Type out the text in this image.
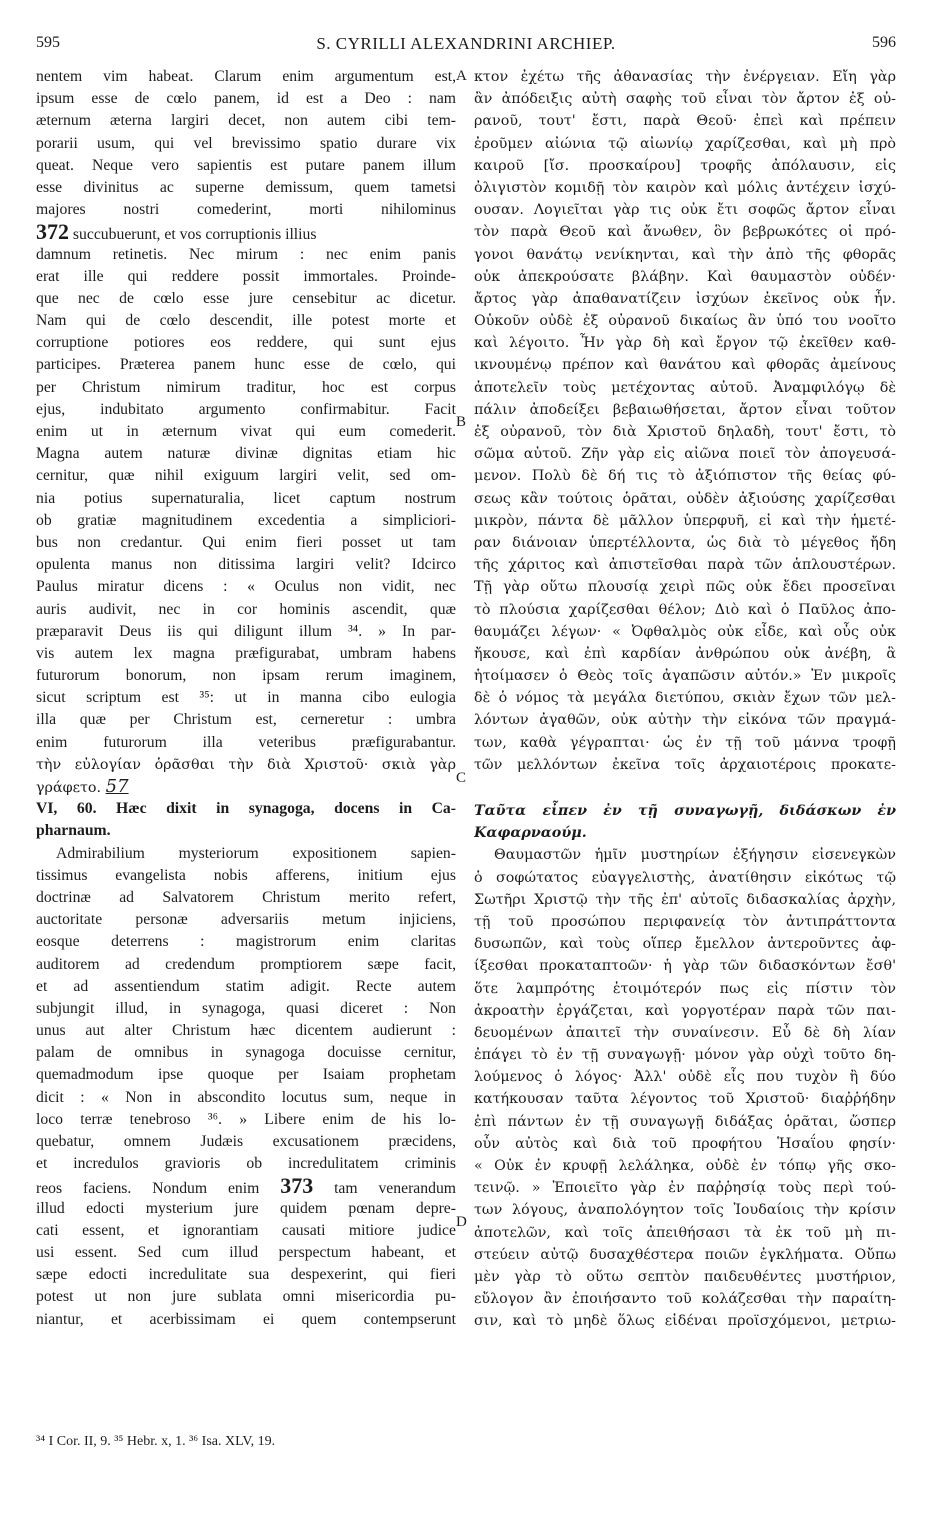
595	S. CYRILLI ALEXANDRINI ARCHIEP.	596
nentem vim habeat. Clarum enim argumentum est,
ipsum esse de cœlo panem, id est a Deo : nam
æternum æterna largiri decet, non autem cibi tem-
porarii usum, qui vel brevissimo spatio durare vix
queat. Neque vero sapientis est putare panem illum
esse divinitus ac superne demissum, quem tametsi
majores nostri comederint, morti nihilominus
372 succubuerunt, et vos corruptionis illius
damnum retinetis. Nec mirum : nec enim panis
erat ille qui reddere possit immortales. Proinde-
que nec de cœlo esse jure censebitur ac dicetur.
Nam qui de cœlo descendit, ille potest morte et
corruptione potiores eos reddere, qui sunt ejus
participes. Præterea panem hunc esse de cœlo, qui
per Christum nimirum traditur, hoc est corpus
ejus, indubitato argumento confirmabitur. Facit
enim ut in æternum vivat qui eum comederit.
Magna autem naturæ divinæ dignitas etiam hic
cernitur, quæ nihil exiguum largiri velit, sed om-
nia potius supernaturalia, licet captum nostrum
ob gratiæ magnitudinem excedentia a simpliciori-
bus non credantur. Qui enim fieri posset ut tam
opulenta manus non ditissima largiri velit? Idcirco
Paulus miratur dicens : « Oculus non vidit, nec
auris audivit, nec in cor hominis ascendit, quæ
præparavit Deus iis qui diligunt illum ³⁴. » In par-
vis autem lex magna præfigurabat, umbram habens
futurorum bonorum, non ipsam rerum imaginem,
sicut scriptum est ³⁵: ut in manna cibo eulogia
illa quæ per Christum est, cerneretur : umbra
enim futurorum illa veteribus præfigurabantur.
τὴν εὐλογίαν ὁρᾶσθαι τὴν διὰ Χριστοῦ· σκιὰ γὰρ
γράφετο. 57
VI, 60. Hæc dixit in synagoga, docens in Ca-
pharnaum.
Admirabilium mysteriorum expositionem sapien-
tissimus evangelista nobis afferens, initium ejus
doctrinæ ad Salvatorem Christum merito refert,
auctoritate personæ adversariis metum injiciens,
eosque deterrens : magistrorum enim claritas
auditorem ad credendum promptiorem sæpe facit,
et ad assentiendum statim adigit. Recte autem
subjungit illud, in synagoga, quasi diceret : Non
unus aut alter Christum hæc dicentem audierunt :
palam de omnibus in synagoga docuisse cernitur,
quemadmodum ipse quoque per Isaiam prophetam
dicit : « Non in abscondito locutus sum, neque in
loco terræ tenebroso ³⁶. » Libere enim de his lo-
quebatur, omnem Judæis excusationem præcidens,
et incredulos gravioris ob incredulitatem criminis
reos faciens. Nondum enim 373 tam venerandum
illud edocti mysterium jure quidem pœnam depre-
cati essent, et ignorantiam causati mitiore judice
usi essent. Sed cum illud perspectum habeant, et
sæpe edocti incredulitate sua despexerint, qui fieri
potest ut non jure sublata omni misericordia pu-
niantur, et acerbissimam ei quem contempserunt
κτον ἐχέτω τῆς ἀθανασίας τὴν ἐνέργειαν. Εἴη γὰρ
ἂν ἀπόδειξις αὐτὴ σαφὴς τοῦ εἶναι τὸν ἄρτον ἐξ οὐ-
ρανοῦ, τουτ' ἔστι, παρὰ Θεοῦ· ἐπεὶ καὶ πρέπειν
ἐροῦμεν αἰώνια τῷ αἰωνίῳ χαρίζεσθαι, καὶ μὴ πρὸ
καιροῦ [ἴσ. προσκαίρου] τροφῆς ἀπόλαυσιν, εἰς
ὀλιγιστὸν κομιδῇ τὸν καιρὸν καὶ μόλις ἀντέχειν ἰσχύ-
ουσαν. Λογιεῖται γὰρ τις οὐκ ἔτι σοφῶς ἄρτον εἶναι
τὸν παρὰ Θεοῦ καὶ ἄνωθεν, ὃν βεβρωκότες οἱ πρό-
γονοι θανάτῳ νενίκηνται, καὶ τὴν ἀπὸ τῆς φθορᾶς
οὐκ ἀπεκρούσατε βλάβην. Καὶ θαυμαστὸν οὐδέν·
ἄρτος γὰρ ἀπαθανατίζειν ἰσχύων ἐκεῖνος οὐκ ἦν.
Οὐκοῦν οὐδὲ ἐξ οὐρανοῦ δικαίως ἂν ὑπό του νοοῖτο
καὶ λέγοιτο. Ἦν γὰρ δὴ καὶ ἔργον τῷ ἐκεῖθεν καθ-
ικνουμένῳ πρέπον καὶ θανάτου καὶ φθορᾶς ἀμείνους
ἀποτελεῖν τοὺς μετέχοντας αὐτοῦ. Ἀναμφιλόγῳ δὲ
πάλιν ἀποδείξει βεβαιωθήσεται, ἄρτον εἶναι τοῦτον
ἐξ οὐρανοῦ, τὸν διὰ Χριστοῦ δηλαδὴ, τουτ' ἔστι, τὸ
σῶμα αὐτοῦ. Ζῆν γὰρ εἰς αἰῶνα ποιεῖ τὸν ἀπογευσά-
μενον. Πολὺ δὲ δή τις τὸ ἀξιόπιστον τῆς θείας φύ-
σεως κἂν τούτοις ὁρᾶται, οὐδὲν ἀξιούσης χαρίζεσθαι
μικρὸν, πάντα δὲ μᾶλλον ὑπερφυῆ, εἰ καὶ τὴν ἡμετέ-
ραν διάνοιαν ὑπερτέλλοντα, ὡς διὰ τὸ μέγεθος ἤδη
τῆς χάριτος καὶ ἀπιστεῖσθαι παρὰ τῶν ἁπλουστέρων.
Τῇ γὰρ οὕτω πλουσίᾳ χειρὶ πῶς οὐκ ἔδει προσεῖναι
τὸ πλούσια χαρίζεσθαι θέλον; Διὸ καὶ ὁ Παῦλος ἀπο-
θαυμάζει λέγων· « Ὀφθαλμὸς οὐκ εἶδε, καὶ οὖς οὐκ
ἤκουσε, καὶ ἐπὶ καρδίαν ἀνθρώπου οὐκ ἀνέβη, ἃ
ἡτοίμασεν ὁ Θεὸς τοῖς ἀγαπῶσιν αὐτόν.» Ἐν μικροῖς
δὲ ὁ νόμος τὰ μεγάλα διετύπου, σκιὰν ἔχων τῶν μελ-
λόντων ἀγαθῶν, οὐκ αὐτὴν τὴν εἰκόνα τῶν πραγμά-
των, καθὰ γέγραπται· ὡς ἐν τῇ τοῦ μάννα τροφῇ
τῶν μελλόντων ἐκεῖνα τοῖς ἀρχαιοτέροις προκατε-
Ταῦτα εἶπεν ἐν τῇ συναγωγῇ, διδάσκων ἐν
Καφαρναούμ.
Θαυμαστῶν ἡμῖν μυστηρίων ἐξήγησιν εἰσενεγκὼν
ὁ σοφώτατος εὐαγγελιστὴς, ἀνατίθησιν εἰκότως τῷ
Σωτῆρι Χριστῷ τὴν τῆς ἐπ' αὐτοῖς διδασκαλίας ἀρχὴν,
τῇ τοῦ προσώπου περιφανείᾳ τὸν ἀντιπράττοντα
δυσωπῶν, καὶ τοὺς οἵπερ ἔμελλον ἀντεροῦντες ἀφ-
ίξεσθαι προκαταπτοῶν· ἡ γὰρ τῶν διδασκόντων ἔσθ'
ὅτε λαμπρότης ἑτοιμότερόν πως εἰς πίστιν τὸν
ἀκροατὴν ἐργάζεται, καὶ γοργοτέραν παρὰ τῶν παι-
δευομένων ἀπαιτεῖ τὴν συναίνεσιν. Εὖ δὲ δὴ λίαν
ἐπάγει τὸ ἐν τῇ συναγωγῇ· μόνον γὰρ οὐχὶ τοῦτο δη-
λούμενος ὁ λόγος· Ἀλλ' οὐδὲ εἷς που τυχὸν ἢ δύο
κατήκουσαν ταῦτα λέγοντος τοῦ Χριστοῦ· διαῤῥήδην
ἐπὶ πάντων ἐν τῇ συναγωγῇ διδάξας ὁρᾶται, ὥσπερ
οὖν αὐτὸς καὶ διὰ τοῦ προφήτου Ἡσαΐου φησίν·
« Οὐκ ἐν κρυφῇ λελάληκα, οὐδὲ ἐν τόπῳ γῆς σκο-
τεινῷ. » Ἐποιεῖτο γὰρ ἐν παῤῥησίᾳ τοὺς περὶ τού-
των λόγους, ἀναπολόγητον τοῖς Ἰουδαίοις τὴν κρίσιν
ἀποτελῶν, καὶ τοῖς ἀπειθήσασι τὰ ἐκ τοῦ μὴ πι-
στεύειν αὐτῷ δυσαχθέστερα ποιῶν ἐγκλήματα. Οὔπω
μὲν γὰρ τὸ οὕτω σεπτὸν παιδευθέντες μυστήριον,
εὔλογον ἂν ἐποιήσαντο τοῦ κολάζεσθαι τὴν παραίτη-
σιν, καὶ τὸ μηδὲ ὅλως εἰδέναι προϊσχόμενοι, μετριω-
A
B
C
D
³⁴ I Cor. II, 9. ³⁵ Hebr. x, 1. ³⁶ Isa. XLV, 19.
